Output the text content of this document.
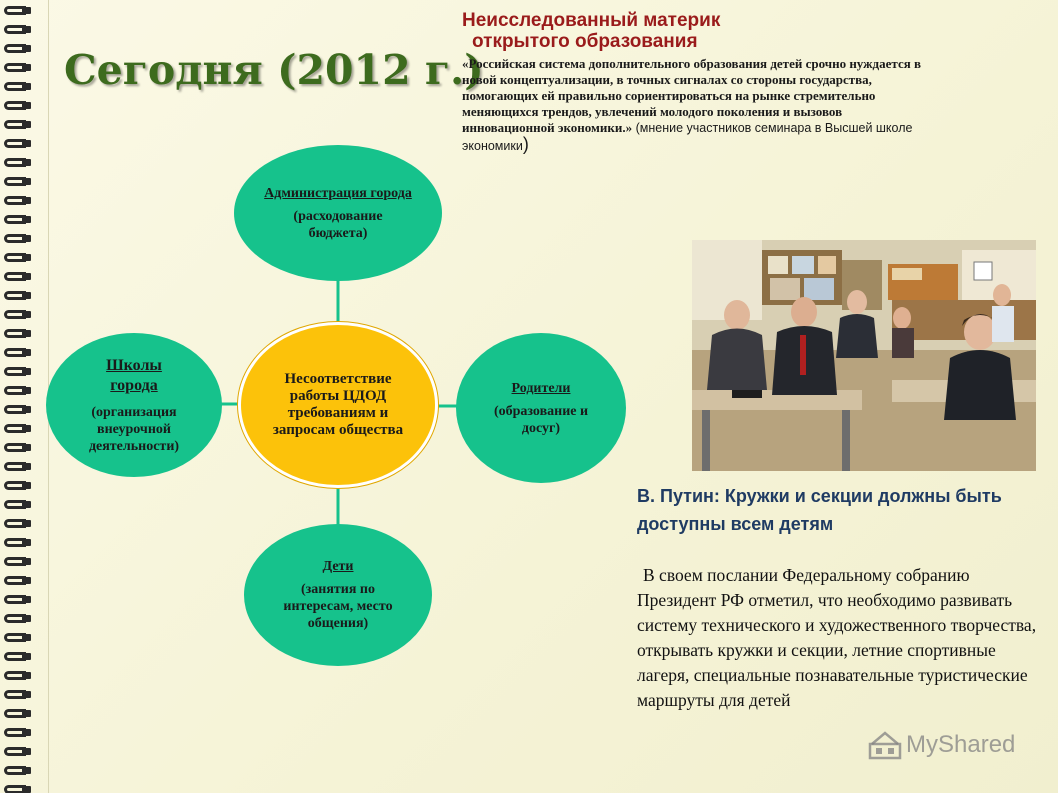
Сегодня (2012 г.)
Неисследованный материк
открытого образования
«Российская система дополнительного образования детей срочно нуждается в новой концептуализации, в точных сигналах со стороны государства, помогающих ей правильно сориентироваться на рынке стремительно меняющихся трендов, увлечений молодого поколения и вызовов инновационной экономики.» (мнение участников семинара в Высшей школе экономики)
Администрация города
(расходование бюджета)
Школы города
(организация внеурочной деятельности)
Несоответствие работы ЦДОД требованиям и запросам общества
Родители
(образование и досуг)
Дети
(занятия по интересам, место общения)
В. Путин: Кружки и секции должны быть доступны всем детям
В своем послании Федеральному собранию Президент РФ отметил, что необходимо развивать систему технического и художественного творчества, открывать кружки и секции, летние спортивные лагеря, специальные познавательные туристические маршруты для детей
MyShared
